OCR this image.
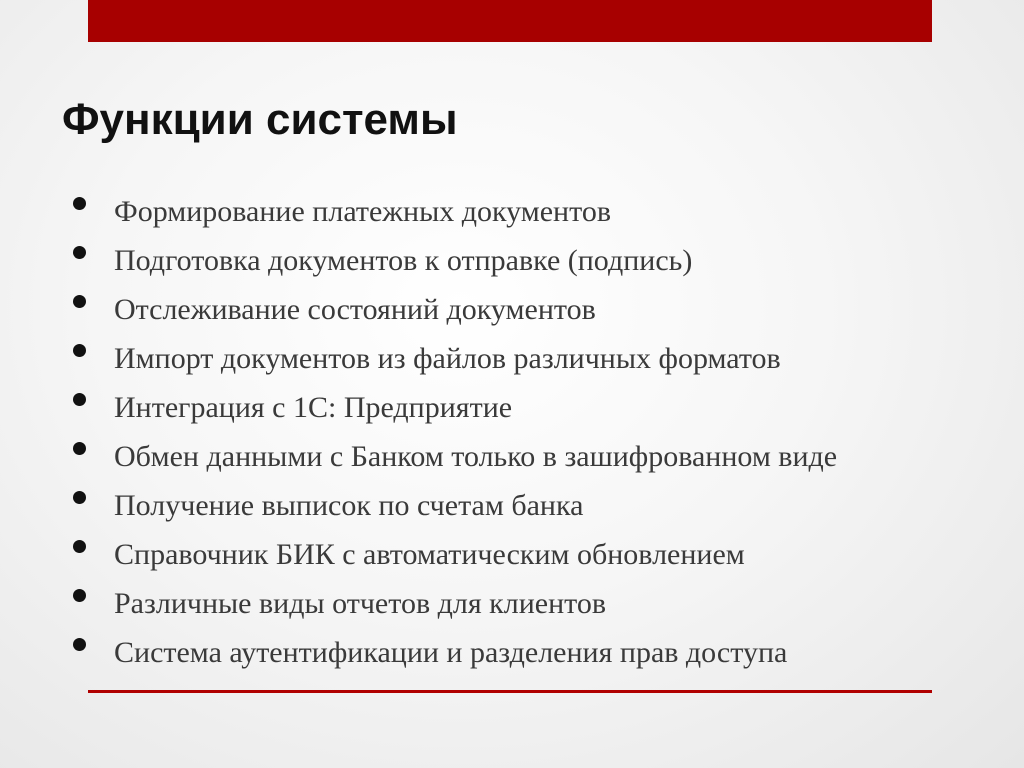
Функции системы
Формирование платежных документов
Подготовка документов к отправке (подпись)
Отслеживание состояний документов
Импорт документов из файлов различных форматов
Интеграция с 1С: Предприятие
Обмен данными с Банком только в зашифрованном виде
Получение выписок по счетам банка
Справочник БИК с автоматическим обновлением
Различные виды отчетов для клиентов
Система аутентификации и разделения прав доступа
